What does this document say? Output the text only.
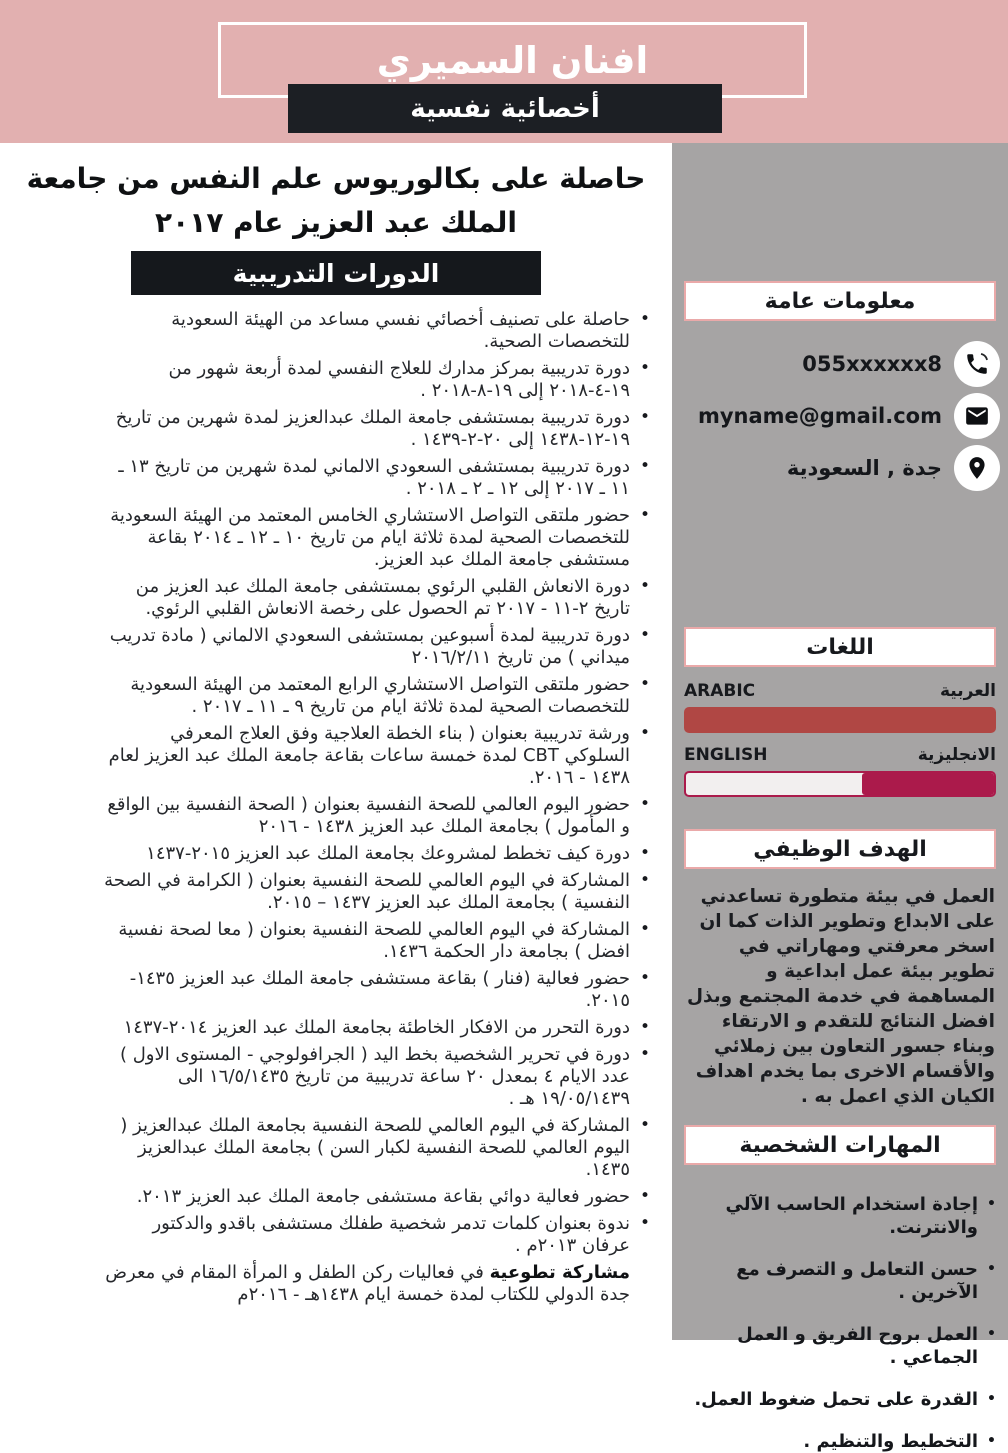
افنان السميري
أخصائية نفسية
حاصلة على بكالوريوس علم النفس من جامعة الملك عبد العزيز عام ٢٠١٧
الدورات التدريبية
• حاصلة على تصنيف أخصائي نفسي مساعد من الهيئة السعودية للتخصصات الصحية.
• دورة تدريبية بمركز مدارك للعلاج النفسي لمدة أربعة شهور من ١٩-٤-٢٠١٨ إلى ١٩-٨-٢٠١٨ .
• دورة تدريبية بمستشفى جامعة الملك عبدالعزيز لمدة شهرين من تاريخ ١٩-١٢-١٤٣٨ إلى ٢٠-٢-١٤٣٩ .
• دورة تدريبية بمستشفى السعودي الالماني لمدة شهرين من تاريخ ١٣ ـ ١١ ـ ٢٠١٧ إلى ١٢ ـ ٢ ـ ٢٠١٨ .
• حضور ملتقى التواصل الاستشاري الخامس المعتمد من الهيئة السعودية للتخصصات الصحية لمدة ثلاثة ايام من تاريخ ١٠ ـ ١٢ ـ ٢٠١٤ بقاعة مستشفى جامعة الملك عبد العزيز.
• دورة الانعاش القلبي الرئوي بمستشفى جامعة الملك عبد العزيز من تاريخ ٢-١١ - ٢٠١٧ تم الحصول على رخصة الانعاش القلبي الرئوي.
• دورة تدريبية لمدة أسبوعين بمستشفى السعودي الالماني ( مادة تدريب ميداني ) من تاريخ ٢٠١٦/٢/١١
• حضور ملتقى التواصل الاستشاري الرابع المعتمد من الهيئة السعودية للتخصصات الصحية لمدة ثلاثة ايام من تاريخ ٩ ـ ١١ ـ ٢٠١٧ .
• ورشة تدريبية بعنوان ( بناء الخطة العلاجية وفق العلاج المعرفي السلوكي CBT لمدة خمسة ساعات بقاعة جامعة الملك عبد العزيز لعام ١٤٣٨ - ٢٠١٦.
• حضور اليوم العالمي للصحة النفسية بعنوان ( الصحة النفسية بين الواقع و المأمول ) بجامعة الملك عبد العزيز ١٤٣٨ - ٢٠١٦
• دورة كيف تخطط لمشروعك بجامعة الملك عبد العزيز ٢٠١٥-١٤٣٧
• المشاركة في اليوم العالمي للصحة النفسية بعنوان ( الكرامة في الصحة النفسية ) بجامعة الملك عبد العزيز ١٤٣٧ – ٢٠١٥.
• المشاركة في اليوم العالمي للصحة النفسية بعنوان ( معا لصحة نفسية افضل ) بجامعة دار الحكمة ١٤٣٦.
• حضور فعالية (فنار ) بقاعة مستشفى جامعة الملك عبد العزيز ١٤٣٥- ٢٠١٥.
• دورة التحرر من الافكار الخاطئة بجامعة الملك عبد العزيز ٢٠١٤-١٤٣٧
• دورة في تحرير الشخصية بخط اليد ( الجرافولوجي - المستوى الاول ) عدد الايام ٤ بمعدل ٢٠ ساعة تدريبية من تاريخ ١٦/٥/١٤٣٥ الى ١٩/٠٥/١٤٣٩ هـ .
• المشاركة في اليوم العالمي للصحة النفسية بجامعة الملك عبدالعزيز ( اليوم العالمي للصحة النفسية لكبار السن ) بجامعة الملك عبدالعزيز ١٤٣٥.
• حضور فعالية دوائي بقاعة مستشفى جامعة الملك عبد العزيز ٢٠١٣.
• ندوة بعنوان كلمات تدمر شخصية طفلك مستشفى باقدو والدكتور عرفان ٢٠١٣م .
مشاركة تطوعية في فعاليات ركن الطفل و المرأة المقام في معرض جدة الدولي للكتاب لمدة خمسة ايام ١٤٣٨هـ - ٢٠١٦م
معلومات عامة
055xxxxxx8
myname@gmail.com
جدة , السعودية
اللغات
العربية
ARABIC
الانجليزية
ENGLISH
الهدف الوظيفي
العمل في بيئة متطورة تساعدني على الابداع وتطوير الذات كما ان اسخر معرفتي ومهاراتي في تطوير بيئة عمل ابداعية و المساهمة في خدمة المجتمع وبذل افضل النتائج للتقدم و الارتقاء وبناء جسور التعاون بين زملائي والأقسام الاخرى بما يخدم اهداف الكيان الذي اعمل به .
المهارات الشخصية
• إجادة استخدام الحاسب الآلي والانترنت.
• حسن التعامل و التصرف مع الآخرين .
• العمل بروح الفريق و العمل الجماعي .
• القدرة على تحمل ضغوط العمل.
• التخطيط والتنظيم .
